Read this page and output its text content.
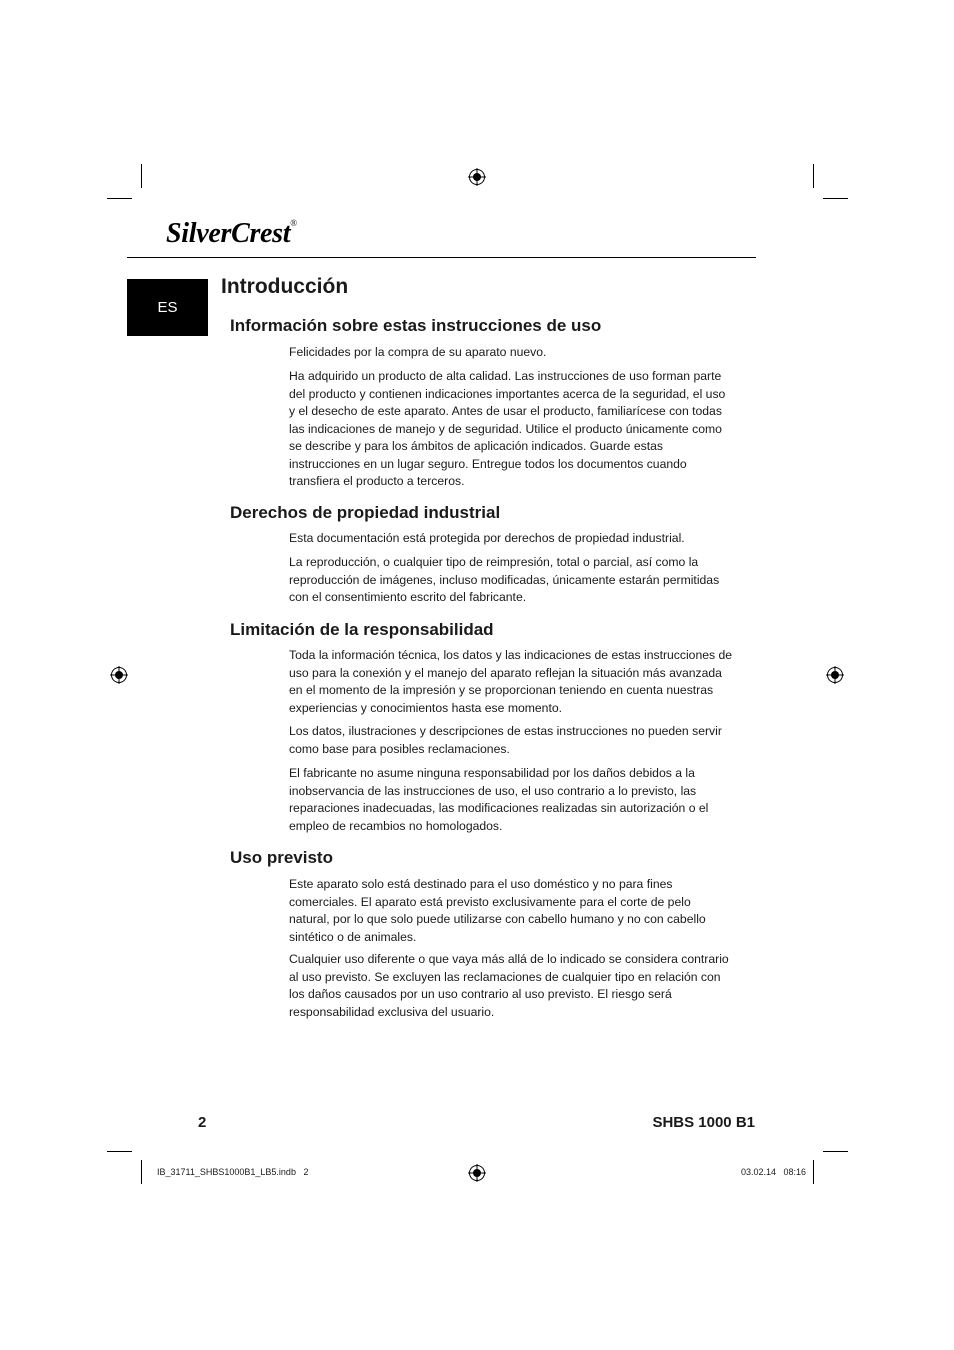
SilverCrest®
ES
Introducción
Información sobre estas instrucciones de uso

Felicidades por la compra de su aparato nuevo.

Ha adquirido un producto de alta calidad. Las instrucciones de uso forman parte del producto y contienen indicaciones importantes acerca de la seguridad, el uso y el desecho de este aparato. Antes de usar el producto, familiarícese con todas las indicaciones de manejo y de seguridad. Utilice el producto únicamente como se describe y para los ámbitos de aplicación indicados. Guarde estas instrucciones en un lugar seguro. Entregue todos los documentos cuando transfiera el producto a terceros.

Derechos de propiedad industrial

Esta documentación está protegida por derechos de propiedad industrial.

La reproducción, o cualquier tipo de reimpresión, total o parcial, así como la reproducción de imágenes, incluso modificadas, únicamente estarán permitidas con el consentimiento escrito del fabricante.

Limitación de la responsabilidad

Toda la información técnica, los datos y las indicaciones de estas instrucciones de uso para la conexión y el manejo del aparato reflejan la situación más avanzada en el momento de la impresión y se proporcionan teniendo en cuenta nuestras experiencias y conocimientos hasta ese momento.

Los datos, ilustraciones y descripciones de estas instrucciones no pueden servir como base para posibles reclamaciones.

El fabricante no asume ninguna responsabilidad por los daños debidos a la inobservancia de las instrucciones de uso, el uso contrario a lo previsto, las reparaciones inadecuadas, las modificaciones realizadas sin autorización o el empleo de recambios no homologados.

Uso previsto

Este aparato solo está destinado para el uso doméstico y no para fines comerciales. El aparato está previsto exclusivamente para el corte de pelo natural, por lo que solo puede utilizarse con cabello humano y no con cabello sintético o de animales.

Cualquier uso diferente o que vaya más allá de lo indicado se considera contrario al uso previsto. Se excluyen las reclamaciones de cualquier tipo en relación con los daños causados por un uso contrario al uso previsto. El riesgo será responsabilidad exclusiva del usuario.

2	SHBS 1000 B1
IB_31711_SHBS1000B1_LB5.indb   2	03.02.14   08:16
